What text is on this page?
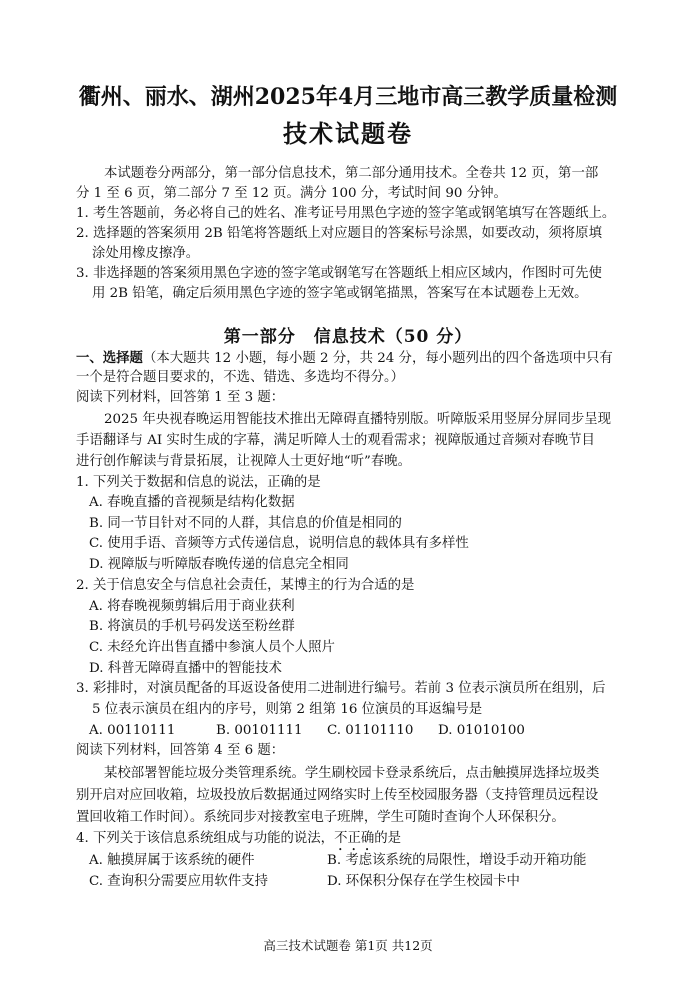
衢州、丽水、湖州2025年4月三地市高三教学质量检测
技术试题卷
本试题卷分两部分，第一部分信息技术，第二部分通用技术。全卷共 12 页，第一部
分 1 至 6 页，第二部分 7 至 12 页。满分 100 分，考试时间 90 分钟。
1. 考生答题前，务必将自己的姓名、准考证号用黑色字迹的签字笔或钢笔填写在答题纸上。
2. 选择题的答案须用 2B 铅笔将答题纸上对应题目的答案标号涂黑，如要改动，须将原填
涂处用橡皮擦净。
3. 非选择题的答案须用黑色字迹的签字笔或钢笔写在答题纸上相应区域内，作图时可先使
用 2B 铅笔，确定后须用黑色字迹的签字笔或钢笔描黑，答案写在本试题卷上无效。
第一部分　信息技术（50 分）
一、选择题（本大题共 12 小题，每小题 2 分，共 24 分，每小题列出的四个备选项中只有
一个是符合题目要求的，不选、错选、多选均不得分。）
阅读下列材料，回答第 1 至 3 题：
2025 年央视春晚运用智能技术推出无障碍直播特别版。听障版采用竖屏分屏同步呈现
手语翻译与 AI 实时生成的字幕，满足听障人士的观看需求；视障版通过音频对春晚节目
进行创作解读与背景拓展，让视障人士更好地“听”春晚。
1. 下列关于数据和信息的说法，正确的是
A. 春晚直播的音视频是结构化数据
B. 同一节目针对不同的人群，其信息的价值是相同的
C. 使用手语、音频等方式传递信息，说明信息的载体具有多样性
D. 视障版与听障版春晚传递的信息完全相同
2. 关于信息安全与信息社会责任，某博主的行为合适的是
A. 将春晚视频剪辑后用于商业获利
B. 将演员的手机号码发送至粉丝群
C. 未经允许出售直播中参演人员个人照片
D. 科普无障碍直播中的智能技术
3. 彩排时，对演员配备的耳返设备使用二进制进行编号。若前 3 位表示演员所在组别，后
5 位表示演员在组内的序号，则第 2 组第 16 位演员的耳返编号是
A. 00110111	B. 00101111 C. 01101110 D. 01010100
阅读下列材料，回答第 4 至 6 题：
某校部署智能垃圾分类管理系统。学生刷校园卡登录系统后，点击触摸屏选择垃圾类
别开启对应回收箱，垃圾投放后数据通过网络实时上传至校园服务器（支持管理员远程设
置回收箱工作时间）。系统同步对接教室电子班牌，学生可随时查询个人环保积分。
4. 下列关于该信息系统组成与功能的说法，不正确的是
A. 触摸屏属于该系统的硬件	B. 考虑该系统的局限性，增设手动开箱功能
C. 查询积分需要应用软件支持	D. 环保积分保存在学生校园卡中
高三技术试题卷 第1页 共12页
